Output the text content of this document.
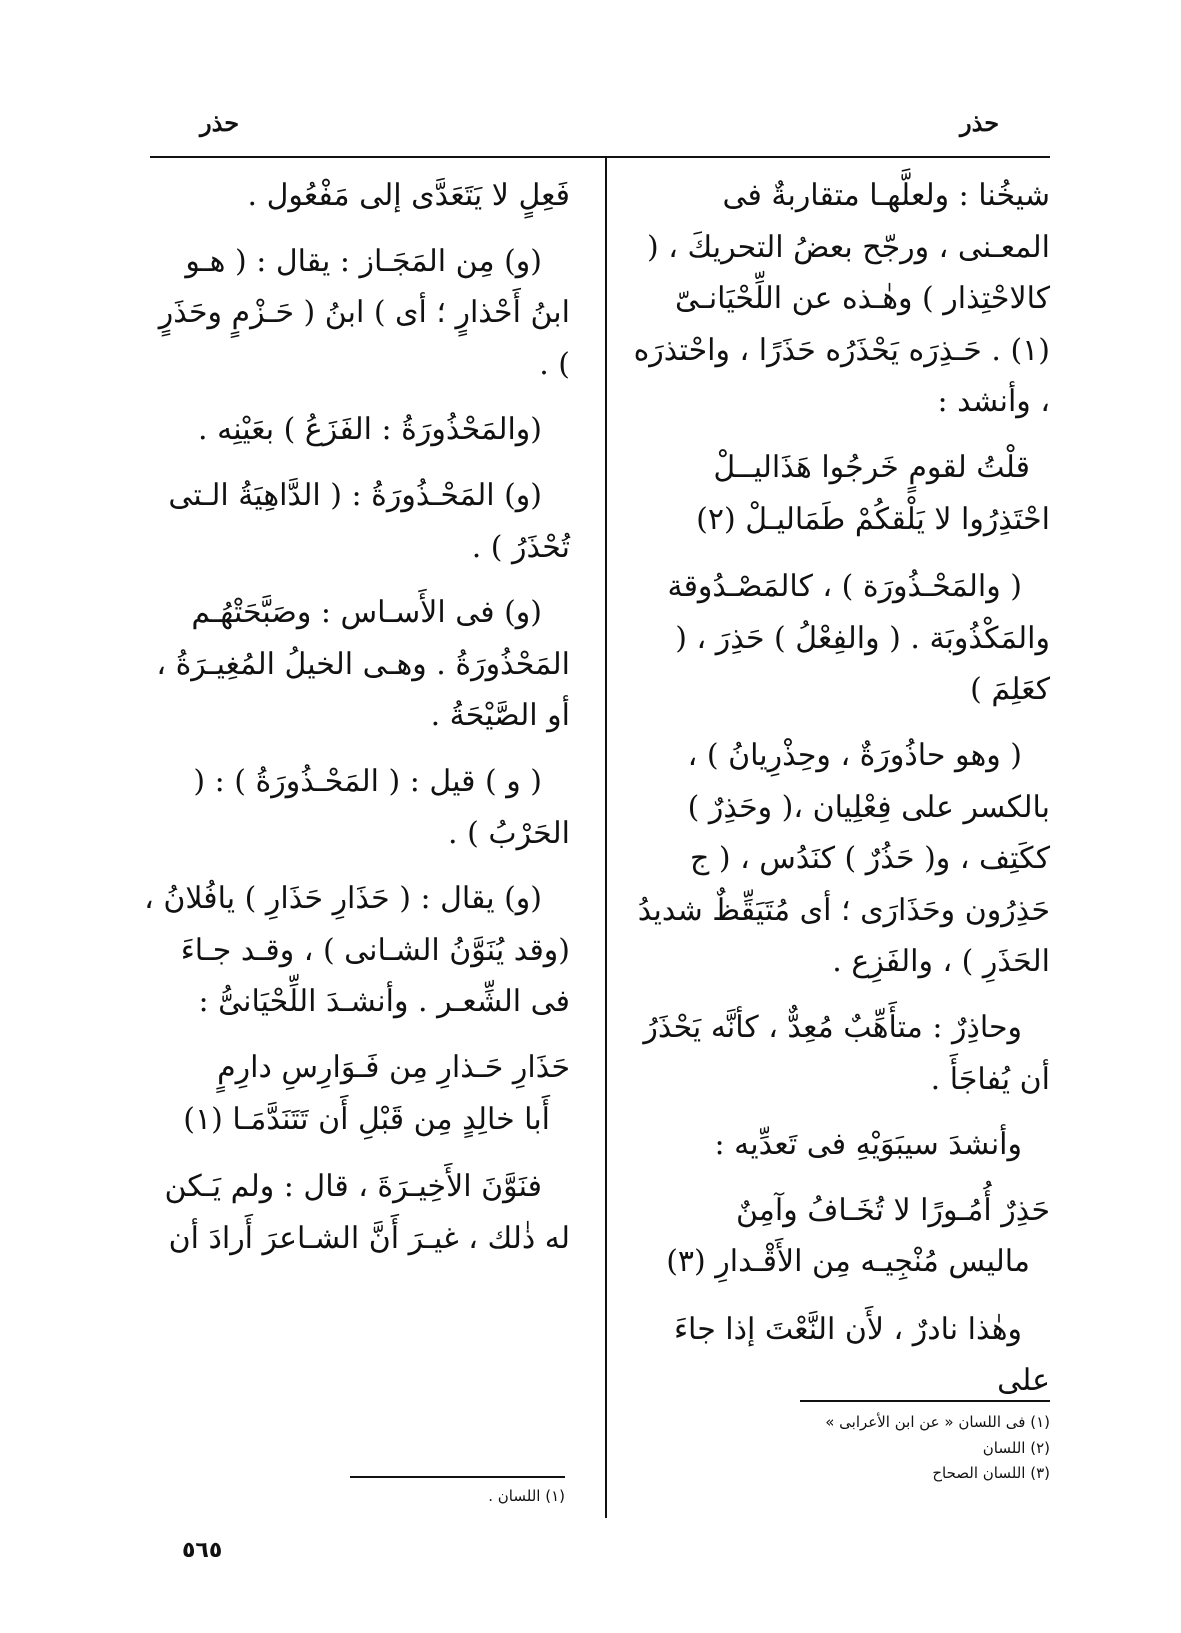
حذر	حذر

شيخُنا : ولعلَّهـا متقاربةٌ فى المعـنى ، ورجّح بعضُ التحريكَ ، ( كالاحْتِذار ) وهٰـذه عن اللِّحْيَانـىّ (١) . حَـذِرَه يَحْذَرُه حَذَرًا ، واحْتذرَه ، وأنشد :

قلْتُ لقومٍ خَرجُوا هَذَاليــلْ
احْتَذِرُوا لا يَلْقكُمْ طَمَاليـلْ (٢)

( والمَحْـذُورَة ) ، كالمَصْـدُوقة والمَكْذُوبَة . ( والفِعْلُ ) حَذِرَ ، ( كعَلِمَ )

( وهو حاذُورَةٌ ، وحِذْرِيانُ ) ، بالكسر على فِعْلِيان ،( وحَذِرٌ ) ككَتِف ، و( حَذُرٌ ) كنَدُس ، ( ج حَذِرُون وحَذَارَى ؛ أى مُتَيَقِّظٌ شديدُ الحَذَرِ ) ، والفَزِع .

وحاذِرٌ : متأَهِّبٌ مُعِدٌّ ، كأنَّه يَحْذَرُ أن يُفاجَأَ .

وأنشدَ سيبَوَيْهِ فى تَعدِّيه :

حَذِرٌ أُمُـورًا لا تُخَـافُ وآمِنٌ
ماليس مُنْجِيـه مِن الأَقْـدارِ (٣)

وهٰذا نادرٌ ، لأَن النَّعْتَ إذا جاءَ على

فَعِلٍ لا يَتَعَدَّى إلى مَفْعُول .

(و) مِن المَجَـاز : يقال : ( هـو ابنُ أَحْذارٍ ؛ أى ) ابنُ ( حَـزْمٍ وحَذَرٍ ) .

(والمَحْذُورَةُ : الفَزَعُ ) بعَيْنِه .

(و) المَحْـذُورَةُ : ( الدَّاهِيَةُ الـتى تُحْذَرُ ) .

(و) فى الأَسـاس : وصَبَّحَتْهُـم المَحْذُورَةُ . وهـى الخيلُ المُغِيـرَةُ ، أو الصَّيْحَةُ .

( و ) قيل : ( المَحْـذُورَةُ ) : ( الحَرْبُ ) .

(و) يقال : ( حَذَارِ حَذَارِ ) يافُلانُ ، (وقد يُنَوَّنُ الشـانى ) ، وقـد جـاءَ فى الشِّعـر . وأنشـدَ اللِّحْيَانىُّ :

حَذَارِ حَـذارِ مِن فَـوَارِسِ دارِمٍ
أَبا خالِدٍ مِن قَبْلِ أَن تَتَنَدَّمَـا (١)

فنَوَّنَ الأَخِيـرَةَ ، قال : ولم يَـكن له ذٰلك ، غيـرَ أَنَّ الشـاعرَ أَرادَ أن

(١) فى اللسان « عن ابن الأعرابى »
(٢) اللسان
(٣) اللسان الصحاح
(١) اللسان .
٥٦٥
